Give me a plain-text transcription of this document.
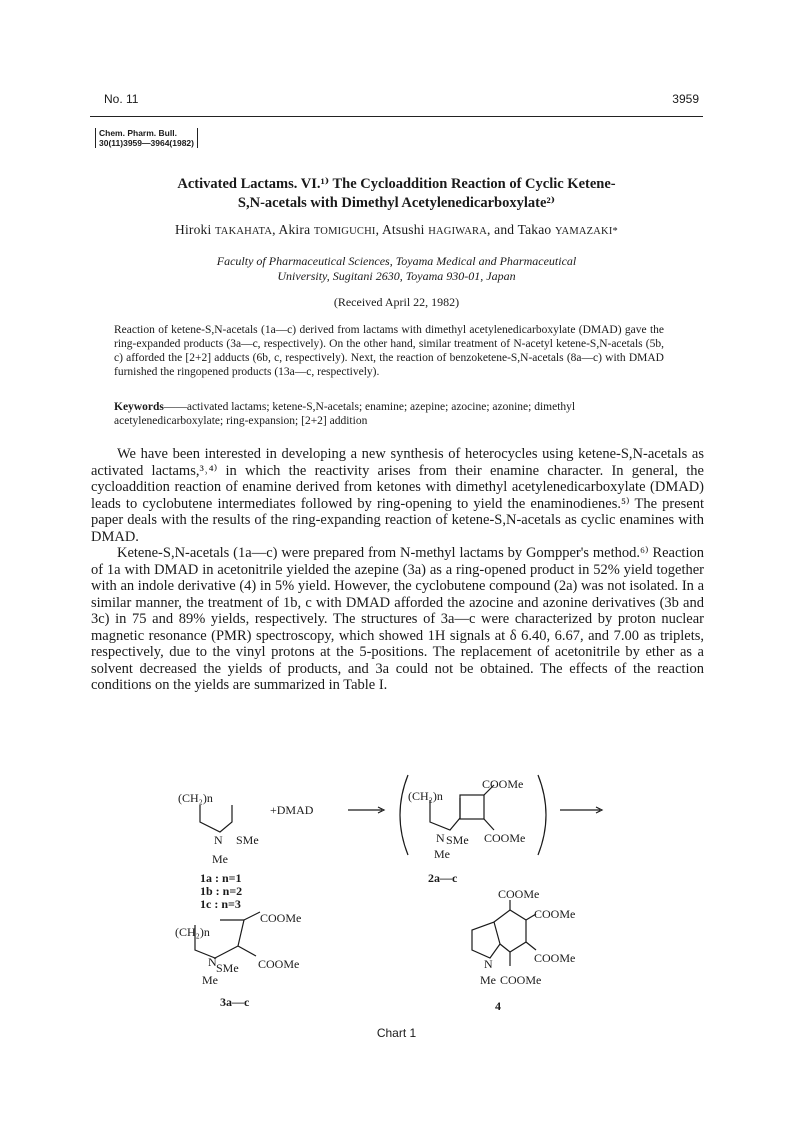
No. 11	3959
Chem. Pharm. Bull.
30(11)3959—3964(1982)
Activated Lactams. VI.¹⁾ The Cycloaddition Reaction of Cyclic Ketene-
S,N-acetals with Dimethyl Acetylenedicarboxylate²⁾
Hiroki TAKAHATA, Akira TOMIGUCHI, Atsushi HAGIWARA, and Takao YAMAZAKI*
Faculty of Pharmaceutical Sciences, Toyama Medical and Pharmaceutical
University, Sugitani 2630, Toyama 930-01, Japan
(Received April 22, 1982)
Reaction of ketene-S,N-acetals (1a—c) derived from lactams with dimethyl acetylenedicarboxylate (DMAD) gave the ring-expanded products (3a—c, respectively). On the other hand, similar treatment of N-acetyl ketene-S,N-acetals (5b, c) afforded the [2+2] adducts (6b, c, respectively). Next, the reaction of benzoketene-S,N-acetals (8a—c) with DMAD furnished the ringopened products (13a—c, respectively).
Keywords——activated lactams; ketene-S,N-acetals; enamine; azepine; azocine; azonine; dimethyl acetylenedicarboxylate; ring-expansion; [2+2] addition

We have been interested in developing a new synthesis of heterocycles using ketene-S,N-acetals as activated lactams,³˒⁴⁾ in which the reactivity arises from their enamine character. In general, the cycloaddition reaction of enamine derived from ketones with dimethyl acetylenedicarboxylate (DMAD) leads to cyclobutene intermediates followed by ring-opening to yield the enaminodienes.⁵⁾ The present paper deals with the results of the ring-expanding reaction of ketene-S,N-acetals as cyclic enamines with DMAD.

Ketene-S,N-acetals (1a—c) were prepared from N-methyl lactams by Gompper's method.⁶⁾ Reaction of 1a with DMAD in acetonitrile yielded the azepine (3a) as a ring-opened product in 52% yield together with an indole derivative (4) in 5% yield. However, the cyclobutene compound (2a) was not isolated. In a similar manner, the treatment of 1b, c with DMAD afforded the azocine and azonine derivatives (3b and 3c) in 75 and 89% yields, respectively. The structures of 3a—c were characterized by proton nuclear magnetic resonance (PMR) spectroscopy, which showed 1H signals at δ 6.40, 6.67, and 7.00 as triplets, respectively, due to the vinyl protons at the 5-positions. The replacement of acetonitrile by ether as a solvent decreased the yields of products, and 3a could not be obtained. The effects of the reaction conditions on the yields are summarized in Table I.

(CH₂)n
+DMAD
N SMe
Me
1a : n=1
1b : n=2
1c : n=3
(CH₂)n
COOMe
N SMe COOMe
Me
2a—c
(CH₂)n
COOMe
N SMe COOMe
Me
3a—c
COOMe
COOMe
N	COOMe
Me COOMe
4
Chart 1
